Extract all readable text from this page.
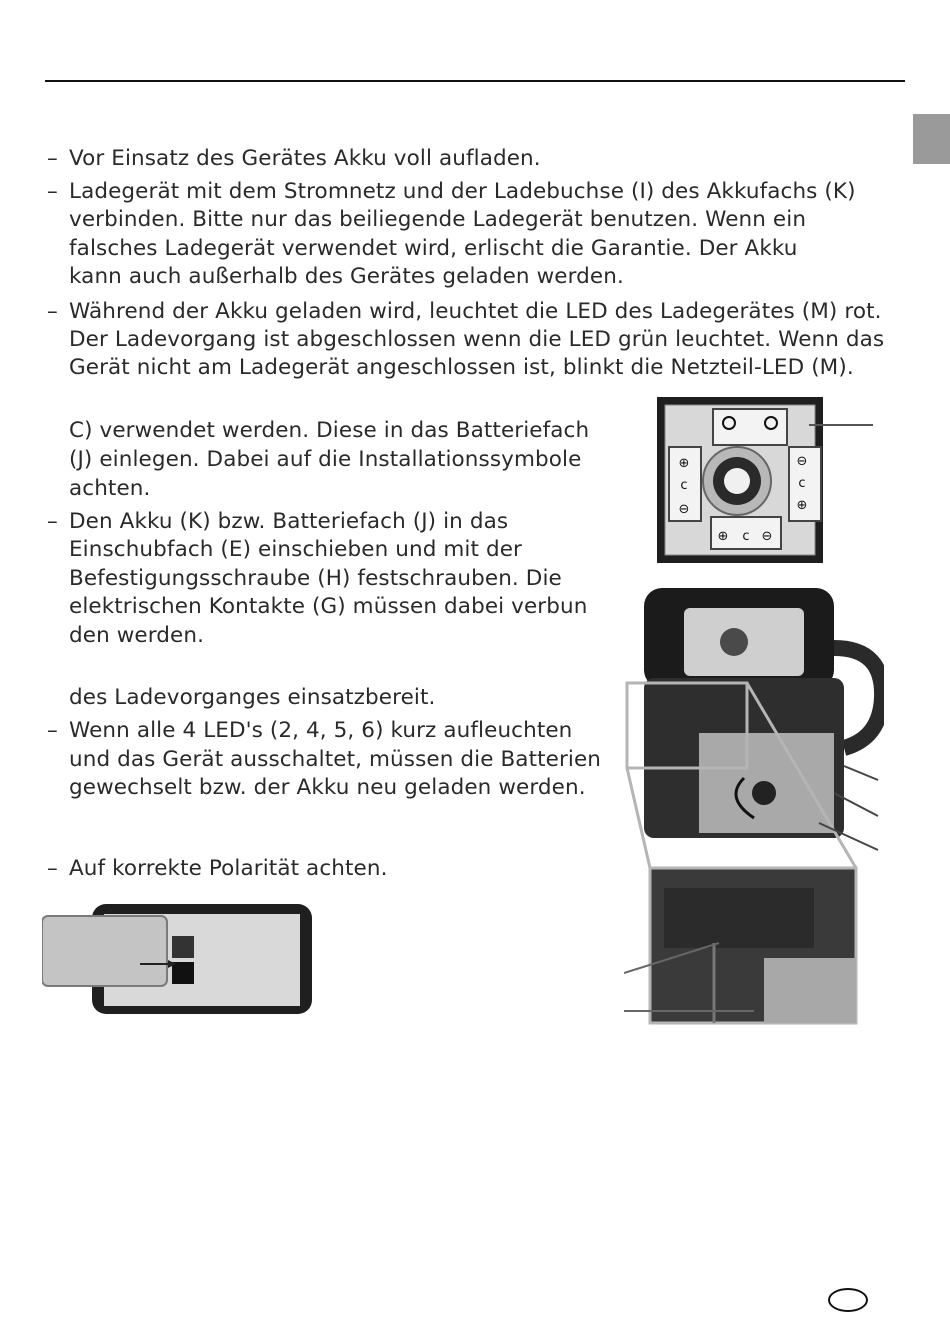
– Vor Einsatz des Gerätes Akku voll aufladen.
– Ladegerät mit dem Stromnetz und der Ladebuchse (I) des Akkufachs (K)
verbinden. Bitte nur das beiliegende Ladegerät benutzen. Wenn ein
falsches Ladegerät verwendet wird, erlischt die Garantie. Der Akku
kann auch außerhalb des Gerätes geladen werden.
– Während der Akku geladen wird, leuchtet die LED des Ladegerätes (M) rot.
Der Ladevorgang ist abgeschlossen wenn die LED grün leuchtet. Wenn das
Gerät nicht am Ladegerät angeschlossen ist, blinkt die Netzteil-LED (M).
C) verwendet werden. Diese in das Batteriefach
(J) einlegen. Dabei auf die Installationssymbole
achten.
– Den Akku (K) bzw. Batteriefach (J) in das
Einschubfach (E) einschieben und mit der
Befestigungsschraube (H) festschrauben. Die
elektrischen Kontakte (G) müssen dabei verbun
den werden.
des Ladevorganges einsatzbereit.
– Wenn alle 4 LED's (2, 4, 5, 6) kurz aufleuchten
und das Gerät ausschaltet, müssen die Batterien
gewechselt bzw. der Akku neu geladen werden.
– Auf korrekte Polarität achten.
⊕
c
⊖
⊖
c
⊕
⊕ c ⊖
